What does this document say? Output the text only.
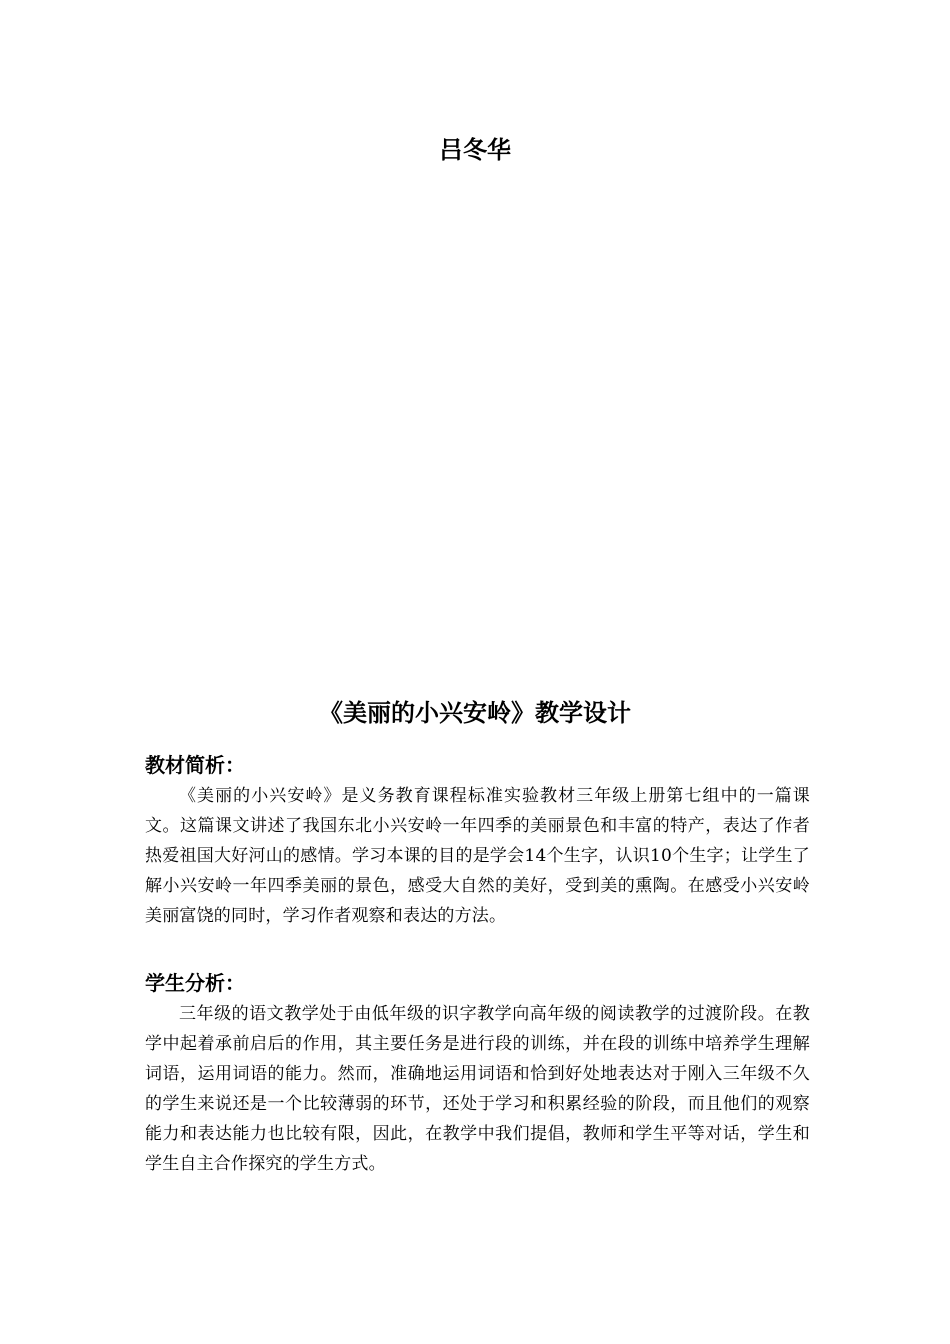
吕冬华
《美丽的小兴安岭》教学设计

教材简析：

《美丽的小兴安岭》是义务教育课程标准实验教材三年级上册第七组中的一篇课文。这篇课文讲述了我国东北小兴安岭一年四季的美丽景色和丰富的特产，表达了作者热爱祖国大好河山的感情。学习本课的目的是学会14个生字，认识10个生字；让学生了解小兴安岭一年四季美丽的景色，感受大自然的美好，受到美的熏陶。在感受小兴安岭美丽富饶的同时，学习作者观察和表达的方法。

学生分析：

三年级的语文教学处于由低年级的识字教学向高年级的阅读教学的过渡阶段。在教学中起着承前启后的作用，其主要任务是进行段的训练，并在段的训练中培养学生理解词语，运用词语的能力。然而，准确地运用词语和恰到好处地表达对于刚入三年级不久的学生来说还是一个比较薄弱的环节，还处于学习和积累经验的阶段，而且他们的观察能力和表达能力也比较有限，因此，在教学中我们提倡，教师和学生平等对话，学生和学生自主合作探究的学生方式。
